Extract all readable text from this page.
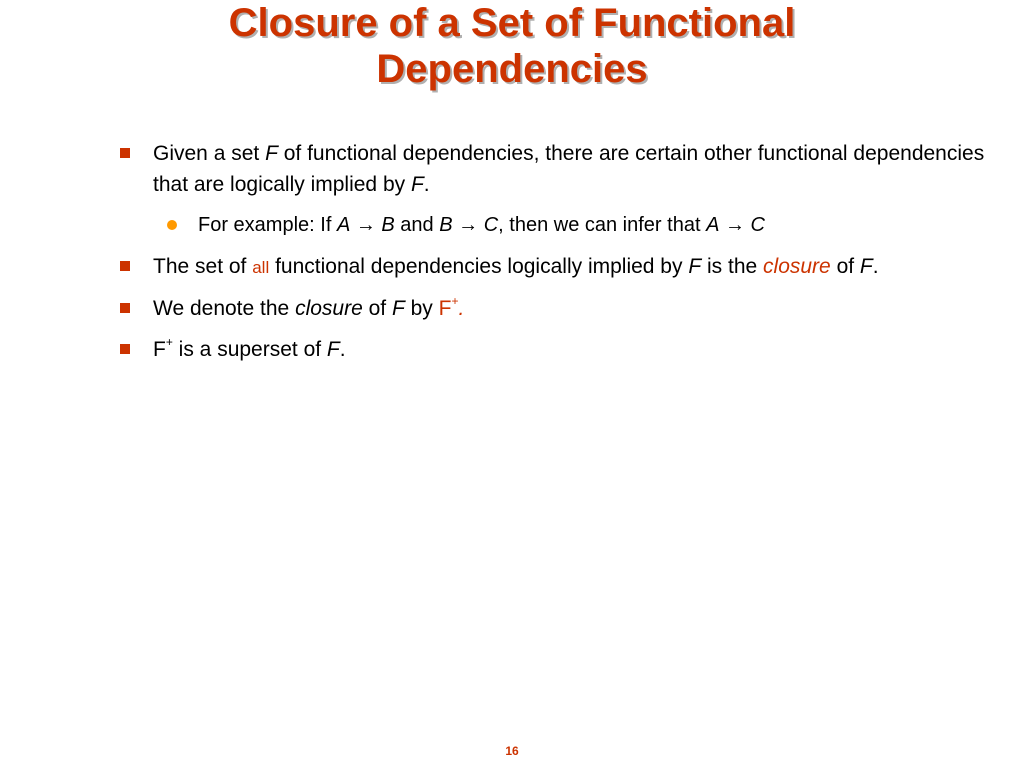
Closure of a Set of Functional
Dependencies
Given a set F of functional dependencies, there are certain other functional dependencies that are logically implied by F.
For example: If A → B and B → C, then we can infer that A → C
The set of all functional dependencies logically implied by F is the closure of F.
We denote the closure of F by F+.
F+ is a superset of F.
16
